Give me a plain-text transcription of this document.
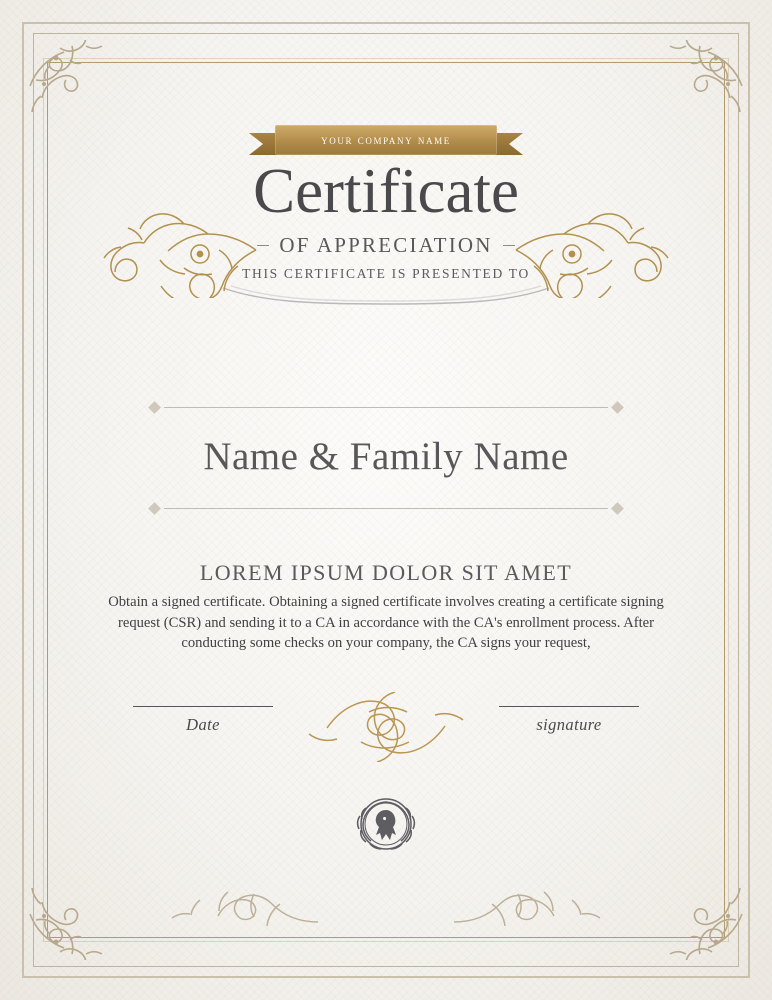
your company name
Certificate
OF APPRECIATION
THIS CERTIFICATE IS PRESENTED TO
Name & Family Name
LOREM IPSUM DOLOR SIT AMET
Obtain a signed certificate. Obtaining a signed certificate involves creating a certificate signing request (CSR) and sending it to a CA in accordance with the CA's enrollment process. After conducting some checks on your company, the CA signs your request,
Date	signature
